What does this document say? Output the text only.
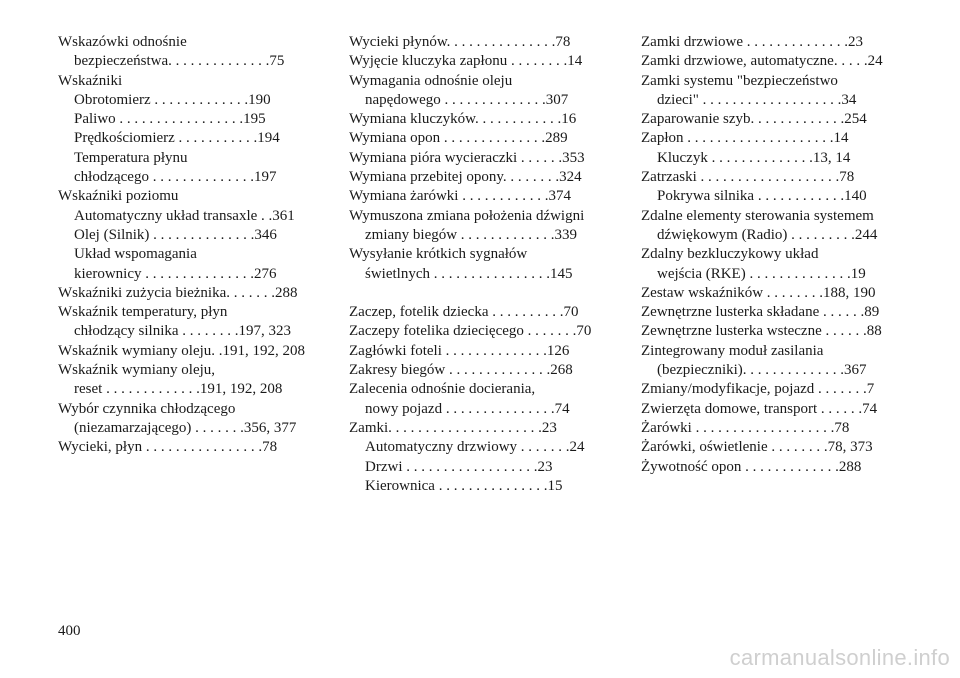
Wskazówki odnośnie
bezpieczeństwa. . . . . . . . . . . . . .75
Wskaźniki
Obrotomierz . . . . . . . . . . . . .190
Paliwo . . . . . . . . . . . . . . . . .195
Prędkościomierz . . . . . . . . . . .194
Temperatura płynu
chłodzącego . . . . . . . . . . . . . .197
Wskaźniki poziomu
Automatyczny układ transaxle . .361
Olej (Silnik) . . . . . . . . . . . . . .346
Układ wspomagania
kierownicy . . . . . . . . . . . . . . .276
Wskaźniki zużycia bieżnika. . . . . . .288
Wskaźnik temperatury, płyn
chłodzący silnika . . . . . . . .197, 323
Wskaźnik wymiany oleju. .191, 192, 208
Wskaźnik wymiany oleju,
reset . . . . . . . . . . . . .191, 192, 208
Wybór czynnika chłodzącego
(niezamarzającego) . . . . . . .356, 377
Wycieki, płyn . . . . . . . . . . . . . . . .78
Wycieki płynów. . . . . . . . . . . . . . .78
Wyjęcie kluczyka zapłonu . . . . . . . .14
Wymagania odnośnie oleju
napędowego . . . . . . . . . . . . . .307
Wymiana kluczyków. . . . . . . . . . . .16
Wymiana opon . . . . . . . . . . . . . .289
Wymiana pióra wycieraczki . . . . . .353
Wymiana przebitej opony. . . . . . . .324
Wymiana żarówki . . . . . . . . . . . .374
Wymuszona zmiana położenia dźwigni
zmiany biegów . . . . . . . . . . . . .339
Wysyłanie krótkich sygnałów
świetlnych . . . . . . . . . . . . . . . .145
Zaczep, fotelik dziecka . . . . . . . . . .70
Zaczepy fotelika dziecięcego . . . . . . .70
Zagłówki foteli . . . . . . . . . . . . . .126
Zakresy biegów . . . . . . . . . . . . . .268
Zalecenia odnośnie docierania,
nowy pojazd . . . . . . . . . . . . . . .74
Zamki. . . . . . . . . . . . . . . . . . . . .23
Automatyczny drzwiowy . . . . . . .24
Drzwi . . . . . . . . . . . . . . . . . .23
Kierownica . . . . . . . . . . . . . . .15
Zamki drzwiowe . . . . . . . . . . . . . .23
Zamki drzwiowe, automatyczne. . . . .24
Zamki systemu "bezpieczeństwo
dzieci" . . . . . . . . . . . . . . . . . . .34
Zaparowanie szyb. . . . . . . . . . . . .254
Zapłon . . . . . . . . . . . . . . . . . . . .14
Kluczyk . . . . . . . . . . . . . .13, 14
Zatrzaski . . . . . . . . . . . . . . . . . . .78
Pokrywa silnika . . . . . . . . . . . .140
Zdalne elementy sterowania systemem
dźwiękowym (Radio) . . . . . . . . .244
Zdalny bezkluczykowy układ
wejścia (RKE) . . . . . . . . . . . . . .19
Zestaw wskaźników . . . . . . . .188, 190
Zewnętrzne lusterka składane . . . . . .89
Zewnętrzne lusterka wsteczne . . . . . .88
Zintegrowany moduł zasilania
(bezpieczniki). . . . . . . . . . . . . .367
Zmiany/modyfikacje, pojazd . . . . . . .7
Zwierzęta domowe, transport . . . . . .74
Żarówki . . . . . . . . . . . . . . . . . . .78
Żarówki, oświetlenie . . . . . . . .78, 373
Żywotność opon . . . . . . . . . . . . .288
400
carmanualsonline.info
